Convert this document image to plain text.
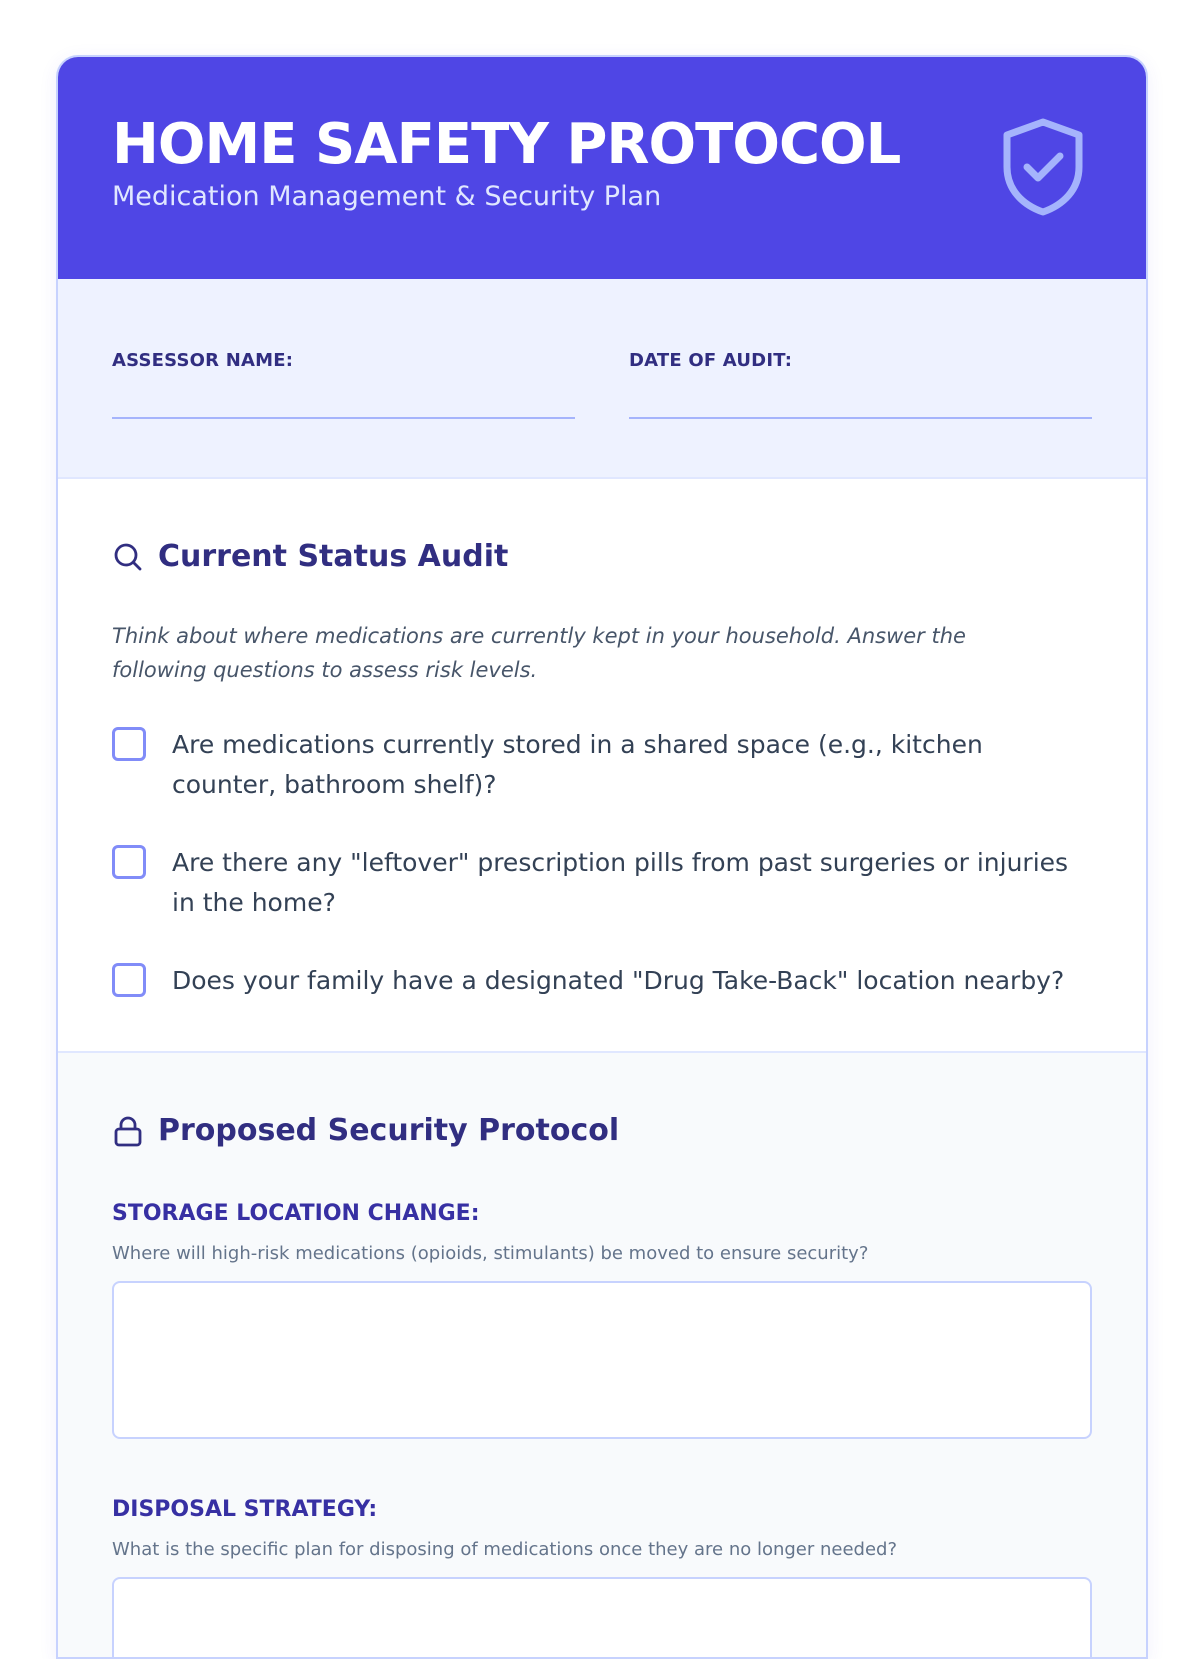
HOME SAFETY PROTOCOL
Medication Management & Security Plan
ASSESSOR NAME:	DATE OF AUDIT:
Current Status Audit
Think about where medications are currently kept in your household. Answer the following questions to assess risk levels.
Are medications currently stored in a shared space (e.g., kitchen counter, bathroom shelf)?
Are there any "leftover" prescription pills from past surgeries or injuries in the home?
Does your family have a designated "Drug Take-Back" location nearby?
Proposed Security Protocol
STORAGE LOCATION CHANGE:
Where will high-risk medications (opioids, stimulants) be moved to ensure security?
DISPOSAL STRATEGY:
What is the specific plan for disposing of medications once they are no longer needed?
